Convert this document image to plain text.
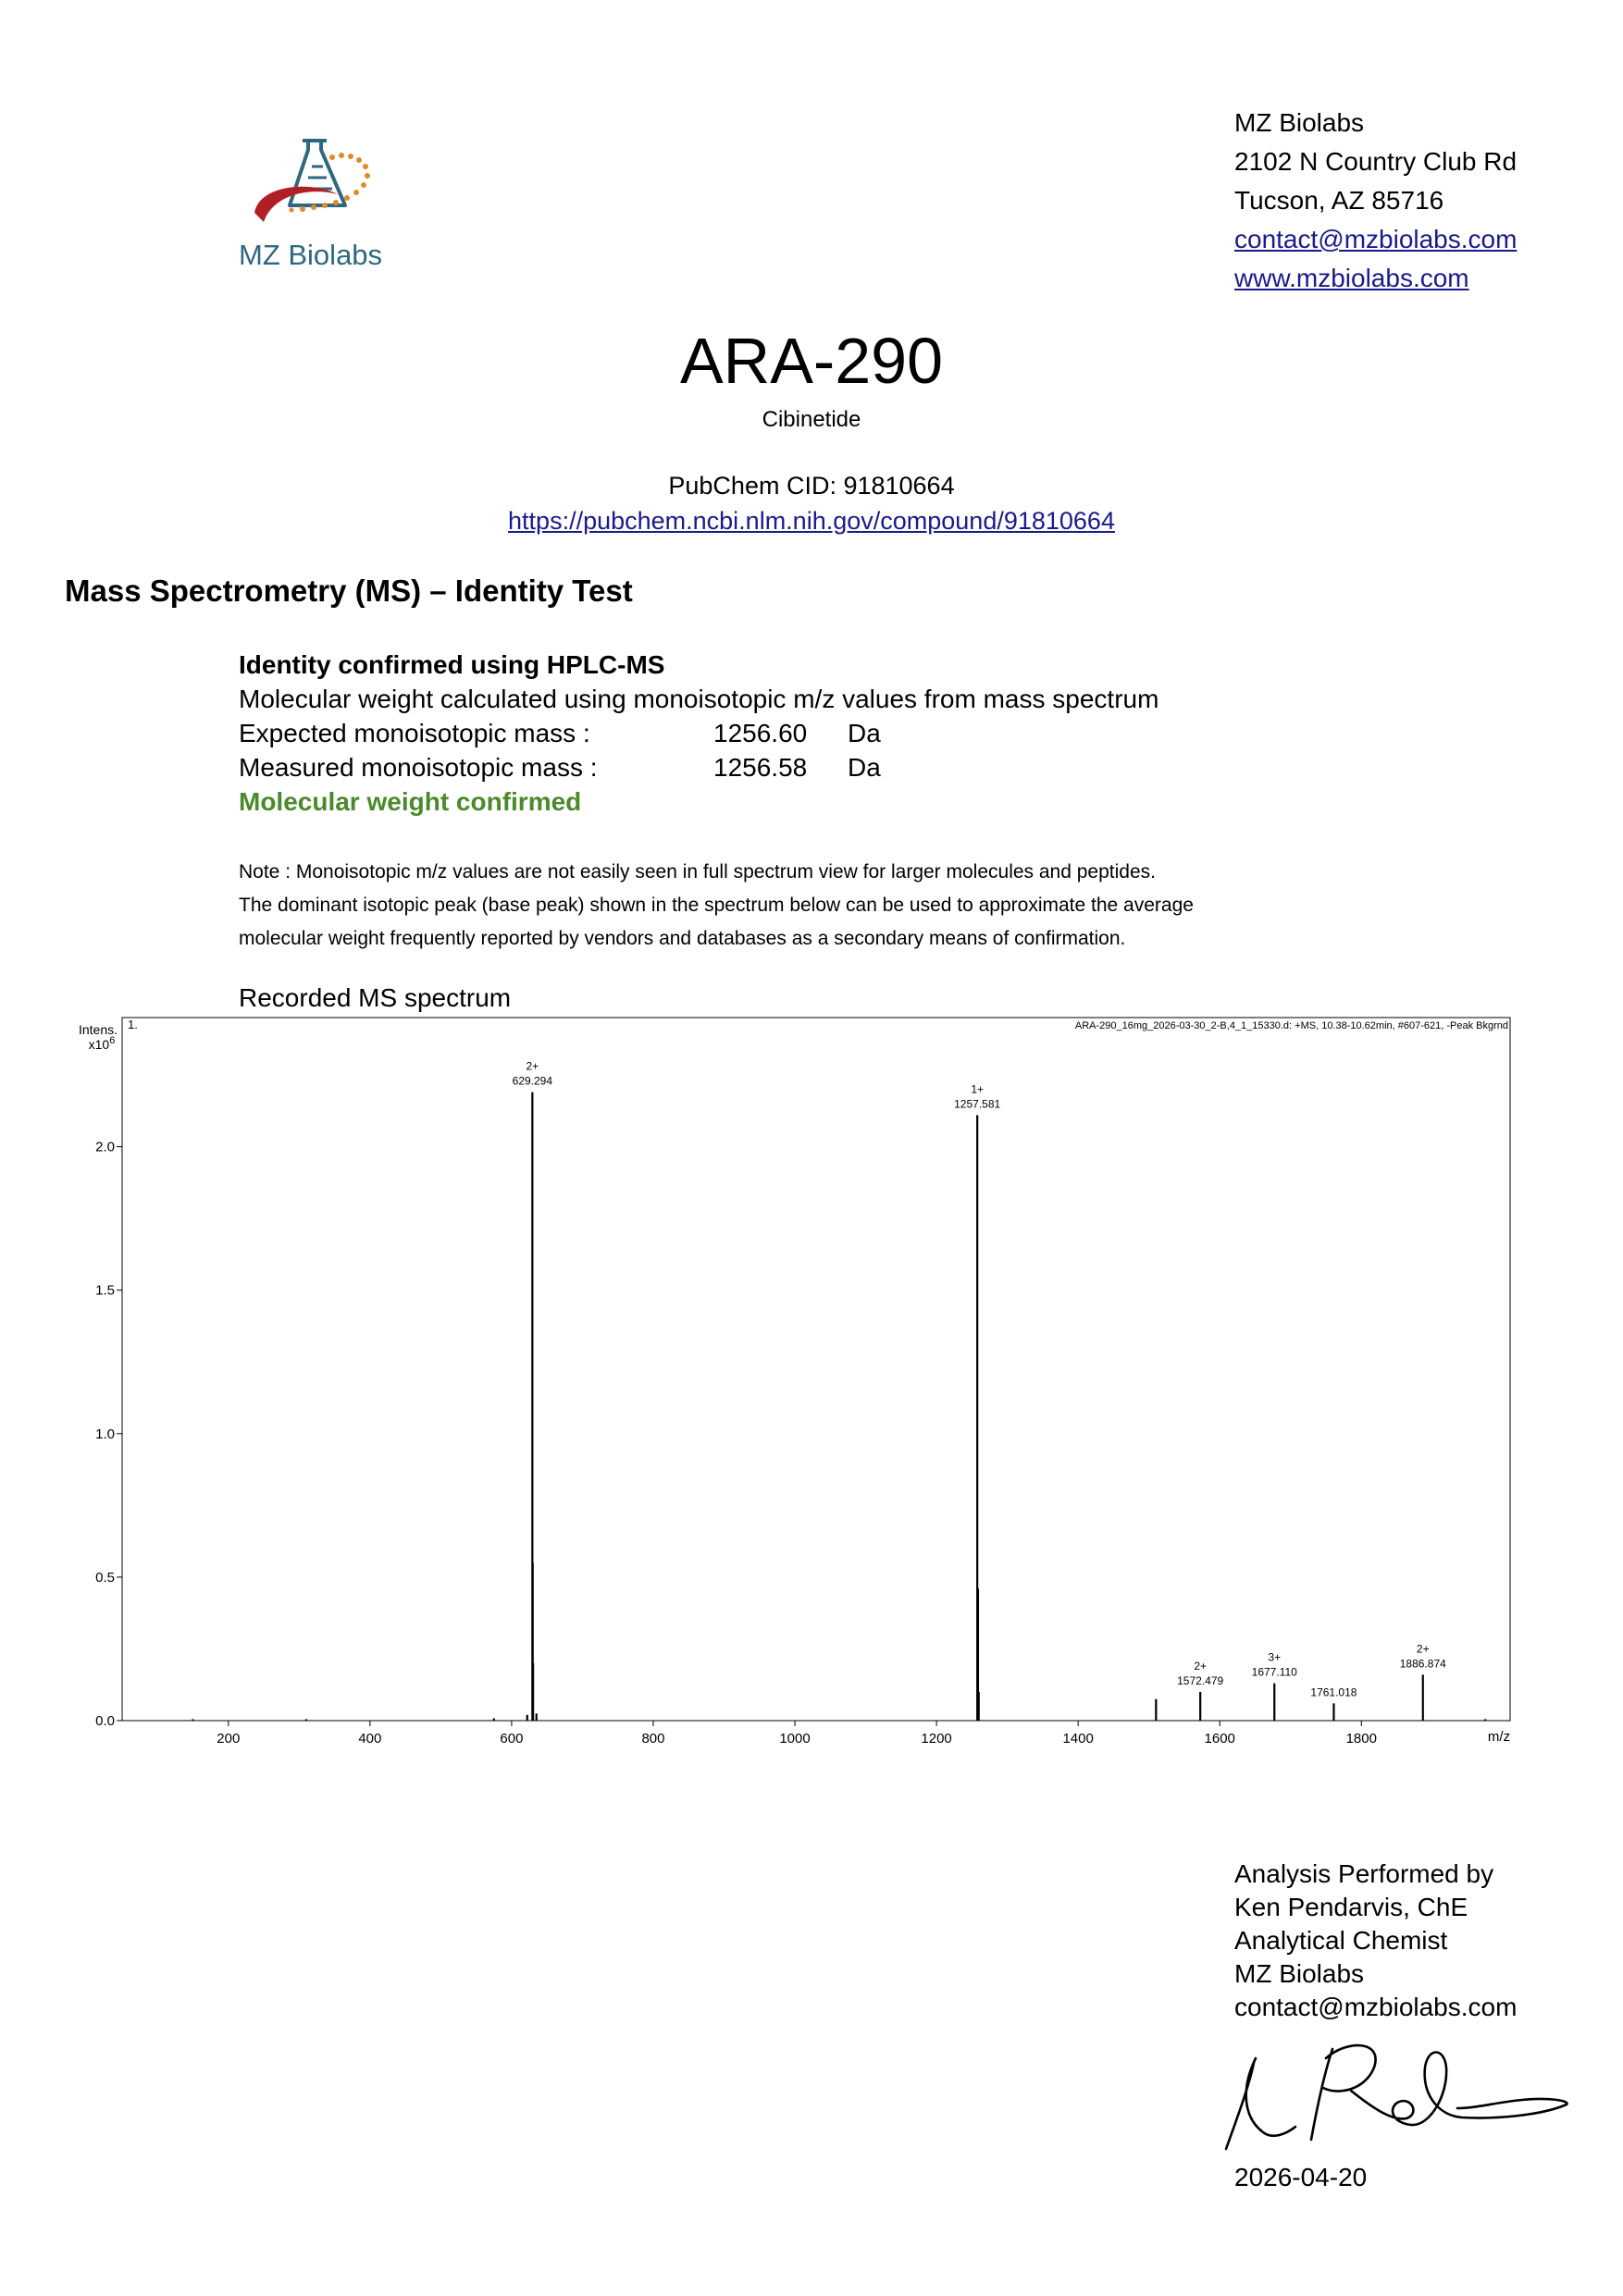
MZ Biolabs
MZ Biolabs
2102 N Country Club Rd
Tucson, AZ 85716
contact@mzbiolabs.com
www.mzbiolabs.com
ARA-290
Cibinetide
PubChem CID: 91810664
https://pubchem.ncbi.nlm.nih.gov/compound/91810664
Mass Spectrometry (MS) – Identity Test
Identity confirmed using HPLC-MS
Molecular weight calculated using monoisotopic m/z values from mass spectrum
Expected monoisotopic mass :	1256.60 Da
Measured monoisotopic mass :	1256.58 Da
Molecular weight confirmed
Note : Monoisotopic m/z values are not easily seen in full spectrum view for larger molecules and peptides.
The dominant isotopic peak (base peak) shown in the spectrum below can be used to approximate the average
molecular weight frequently reported by vendors and databases as a secondary means of confirmation.
Recorded MS spectrum
Intens.
$x10^6$
1.	ARA-290_16mg_2026-03-30_2-B,4_1_15330.d: +MS, 10.38-10.62min, #607-621, -Peak Bkgrnd
200	400	600	800	1000	1200	1400	1600	1800
0.0
0.5
1.0
1.5
2.0
629.294
2+
1257.581
1+
1572.479
2+	1677.110
3+
1761.018
1886.874
2+
m/z
Analysis Performed by
Ken Pendarvis, ChE
Analytical Chemist
MZ Biolabs
contact@mzbiolabs.com
2026-04-20
